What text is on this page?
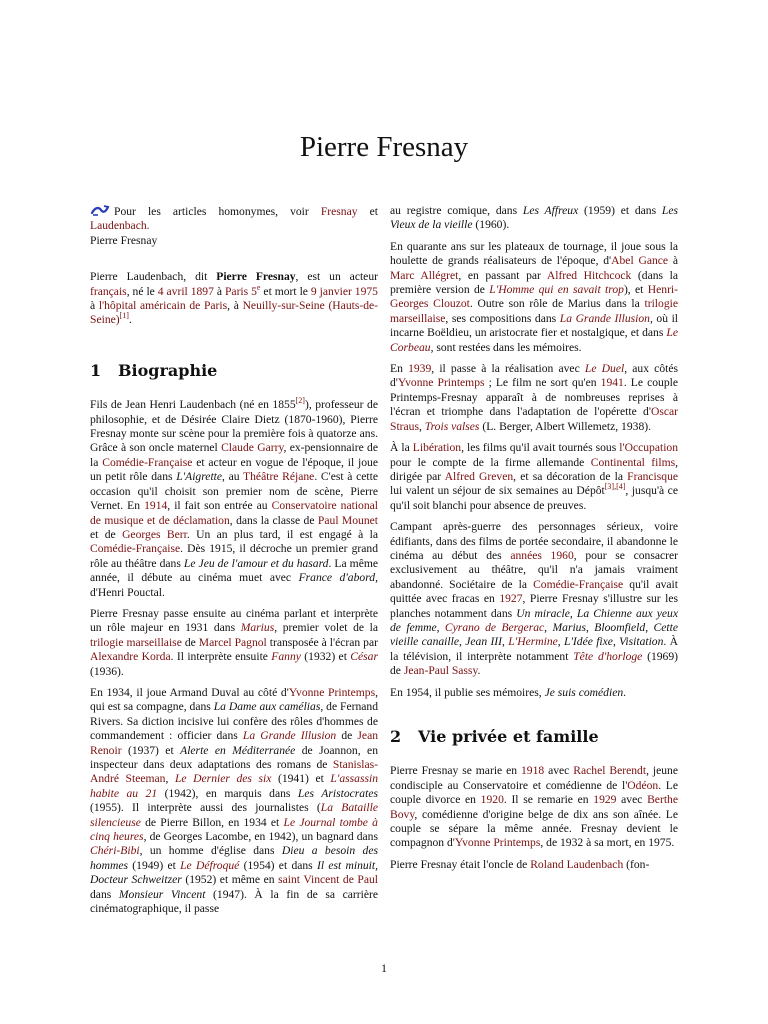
Pierre Fresnay

Pour les articles homonymes, voir Fresnay et Laudenbach.

Pierre Fresnay

Pierre Laudenbach, dit Pierre Fresnay, est un acteur français, né le 4 avril 1897 à Paris 5e et mort le 9 janvier 1975 à l'hôpital américain de Paris, à Neuilly-sur-Seine (Hauts-de-Seine)[1].

1 Biographie

Fils de Jean Henri Laudenbach (né en 1855[2]), professeur de philosophie, et de Désirée Claire Dietz (1870-1960), Pierre Fresnay monte sur scène pour la première fois à quatorze ans. Grâce à son oncle maternel Claude Garry, ex-pensionnaire de la Comédie-Française et acteur en vogue de l'époque, il joue un petit rôle dans L'Aigrette, au Théâtre Réjane. C'est à cette occasion qu'il choisit son premier nom de scène, Pierre Vernet. En 1914, il fait son entrée au Conservatoire national de musique et de déclamation, dans la classe de Paul Mounet et de Georges Berr. Un an plus tard, il est engagé à la Comédie-Française. Dès 1915, il décroche un premier grand rôle au théâtre dans Le Jeu de l'amour et du hasard. La même année, il débute au cinéma muet avec France d'abord, d'Henri Pouctal.

Pierre Fresnay passe ensuite au cinéma parlant et interprète un rôle majeur en 1931 dans Marius, premier volet de la trilogie marseillaise de Marcel Pagnol transposée à l'écran par Alexandre Korda. Il interprète ensuite Fanny (1932) et César (1936).

En 1934, il joue Armand Duval au côté d'Yvonne Printemps, qui est sa compagne, dans La Dame aux camélias, de Fernand Rivers. Sa diction incisive lui confère des rôles d'hommes de commandement : officier dans La Grande Illusion de Jean Renoir (1937) et Alerte en Méditerranée de Joannon, en inspecteur dans deux adaptations des romans de Stanislas-André Steeman, Le Dernier des six (1941) et L'assassin habite au 21 (1942), en marquis dans Les Aristocrates (1955). Il interprète aussi des journalistes (La Bataille silencieuse de Pierre Billon, en 1934 et Le Journal tombe à cinq heures, de Georges Lacombe, en 1942), un bagnard dans Chéri-Bibi, un homme d'église dans Dieu a besoin des hommes (1949) et Le Défroqué (1954) et dans Il est minuit, Docteur Schweitzer (1952) et même en saint Vincent de Paul dans Monsieur Vincent (1947). À la fin de sa carrière cinématographique, il passe

au registre comique, dans Les Affreux (1959) et dans Les Vieux de la vieille (1960).

En quarante ans sur les plateaux de tournage, il joue sous la houlette de grands réalisateurs de l'époque, d'Abel Gance à Marc Allégret, en passant par Alfred Hitchcock (dans la première version de L'Homme qui en savait trop), et Henri-Georges Clouzot. Outre son rôle de Marius dans la trilogie marseillaise, ses compositions dans La Grande Illusion, où il incarne Boëldieu, un aristocrate fier et nostalgique, et dans Le Corbeau, sont restées dans les mémoires.

En 1939, il passe à la réalisation avec Le Duel, aux côtés d'Yvonne Printemps ; Le film ne sort qu'en 1941. Le couple Printemps-Fresnay apparaît à de nombreuses reprises à l'écran et triomphe dans l'adaptation de l'opérette d'Oscar Straus, Trois valses (L. Berger, Albert Willemetz, 1938).

À la Libération, les films qu'il avait tournés sous l'Occupation pour le compte de la firme allemande Continental films, dirigée par Alfred Greven, et sa décoration de la Francisque lui valent un séjour de six semaines au Dépôt[3],[4], jusqu'à ce qu'il soit blanchi pour absence de preuves.

Campant après-guerre des personnages sérieux, voire édifiants, dans des films de portée secondaire, il abandonne le cinéma au début des années 1960, pour se consacrer exclusivement au théâtre, qu'il n'a jamais vraiment abandonné. Sociétaire de la Comédie-Française qu'il avait quittée avec fracas en 1927, Pierre Fresnay s'illustre sur les planches notamment dans Un miracle, La Chienne aux yeux de femme, Cyrano de Bergerac, Marius, Bloomfield, Cette vieille canaille, Jean III, L'Hermine, L'Idée fixe, Visitation. À la télévision, il interprète notamment Tête d'horloge (1969) de Jean-Paul Sassy.

En 1954, il publie ses mémoires, Je suis comédien.

2 Vie privée et famille

Pierre Fresnay se marie en 1918 avec Rachel Berendt, jeune condisciple au Conservatoire et comédienne de l'Odéon. Le couple divorce en 1920. Il se remarie en 1929 avec Berthe Bovy, comédienne d'origine belge de dix ans son aînée. Le couple se sépare la même année. Fresnay devient le compagnon d'Yvonne Printemps, de 1932 à sa mort, en 1975.

Pierre Fresnay était l'oncle de Roland Laudenbach (fon-

1
